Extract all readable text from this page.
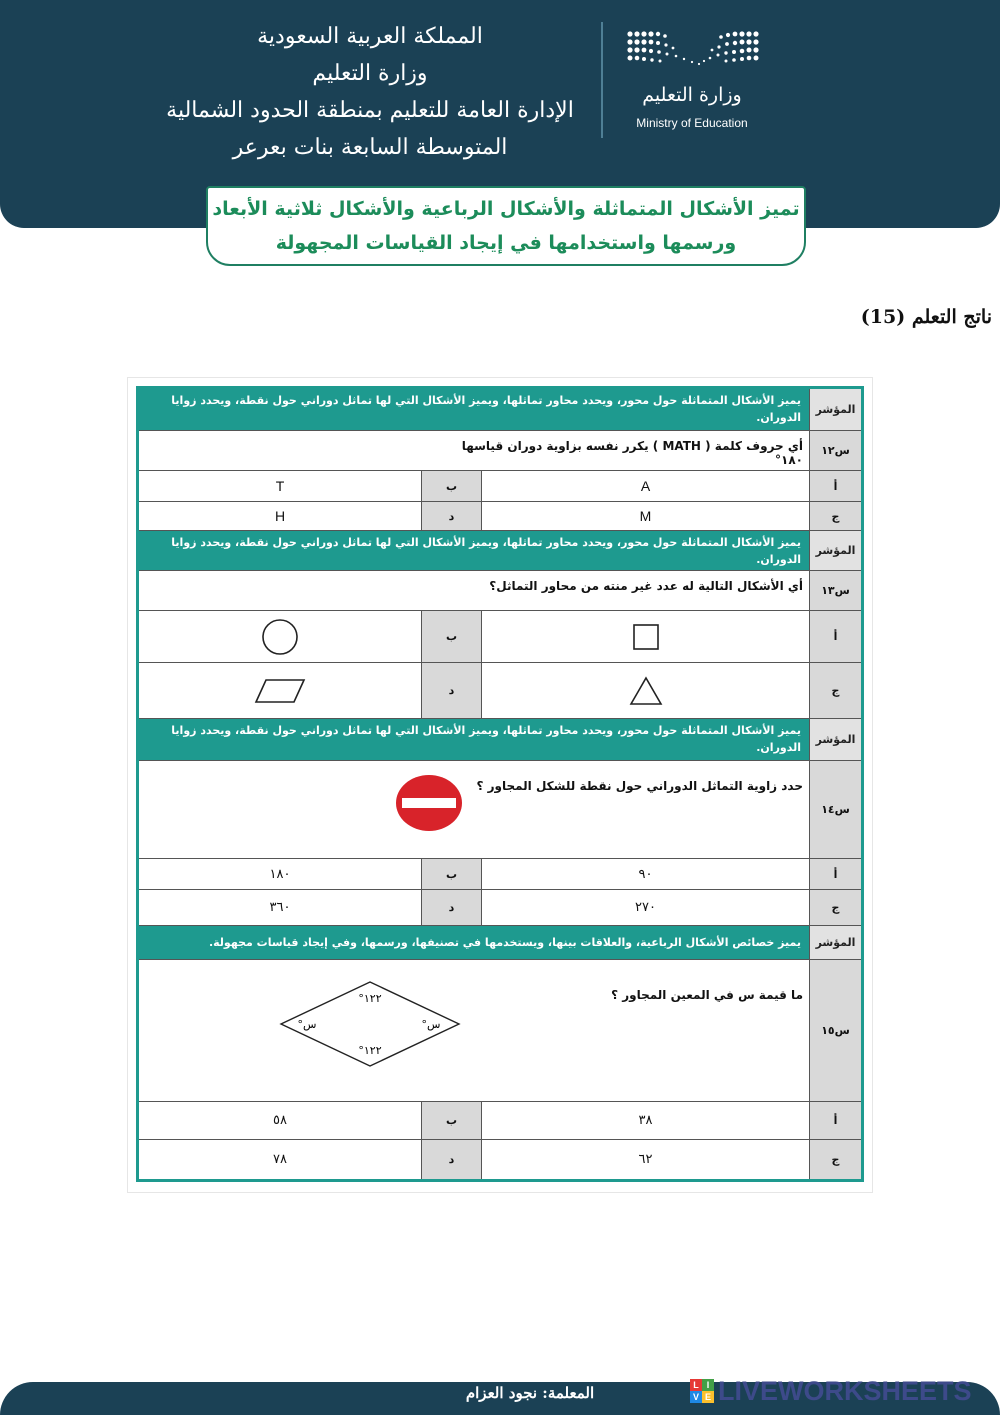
المملكة العربية السعودية
وزارة التعليم
الإدارة العامة للتعليم بمنطقة الحدود الشمالية
المتوسطة السابعة بنات بعرعر
وزارة التعليم
Ministry of Education
تميز الأشكال المتماثلة والأشكال الرباعية والأشكال ثلاثية الأبعاد
ورسمها واستخدامها في إيجاد القياسات المجهولة
ناتج التعلم (15)
المؤشر
يميز الأشكال المتماثلة حول محور، ويحدد محاور تماثلها، ويميز الأشكال التي لها تماثل دوراني حول نقطة، ويحدد زوايا الدوران.
س١٢
أي حروف كلمة ( MATH ) يكرر نفسه بزاوية دوران قياسها ١٨٠°
أ
A
ب
T
ج
M
د
H
المؤشر
يميز الأشكال المتماثلة حول محور، ويحدد محاور تماثلها، ويميز الأشكال التي لها تماثل دوراني حول نقطة، ويحدد زوايا الدوران.
س١٣
أي الأشكال التالية له عدد غير منته من محاور التماثل؟
أ
ب
ج
د
المؤشر
يميز الأشكال المتماثلة حول محور، ويحدد محاور تماثلها، ويميز الأشكال التي لها تماثل دوراني حول نقطة، ويحدد زوايا الدوران.
س١٤
حدد زاوية التماثل الدوراني حول نقطة للشكل المجاور ؟
أ
٩٠
ب
١٨٠
ج
٢٧٠
د
٣٦٠
المؤشر
يميز خصائص الأشكال الرباعية، والعلاقات بينها، ويستخدمها في تصنيفها، ورسمها، وفي إيجاد قياسات مجهولة.
س١٥
ما قيمة س في المعين المجاور ؟
١٢٢°
١٢٢°
س°	س°
أ
٣٨
ب
٥٨
ج
٦٢
د
٧٨
المعلمة: نجود العزام	L I
V E LIVEWORKSHEETS
